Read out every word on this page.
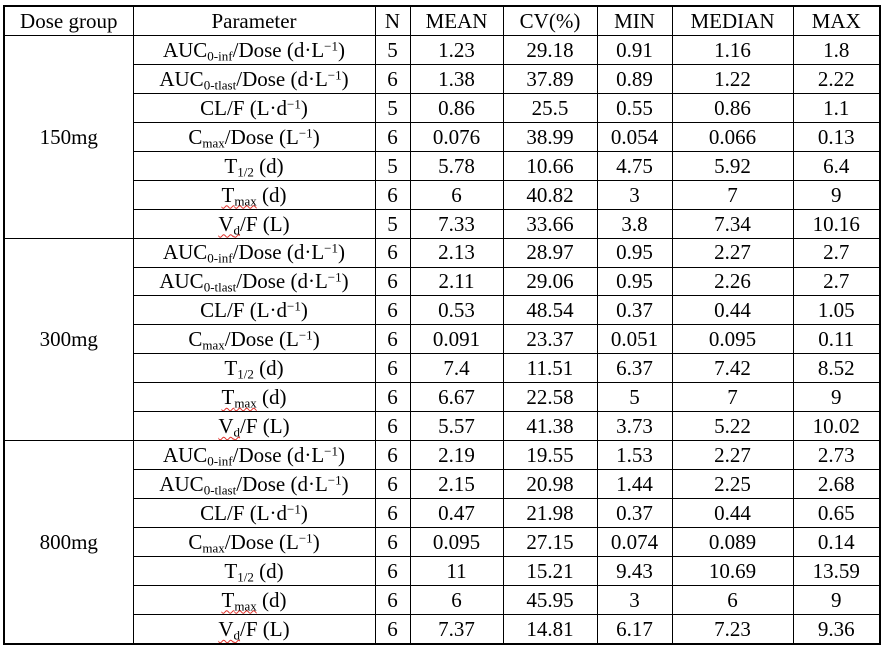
Dose group	Parameter	N	MEAN	CV(%)	MIN	MEDIAN	MAX
150mg	$AUC_{0-inf}$/Dose $(d\cdot L^{-1})$	5	1.23	29.18	0.91	1.16	1.8
	$AUC_{0-tlast}$/Dose $(d\cdot L^{-1})$	6	1.38	37.89	0.89	1.22	2.22
	CL/F $(L\cdot d^{-1})$	5	0.86	25.5	0.55	0.86	1.1
	$C_{max}$/Dose $(L^{-1})$	6	0.076	38.99	0.054	0.066	0.13
	$T_{1/2}$ (d)	5	5.78	10.66	4.75	5.92	6.4
	$T_{max}$ (d)	6	6	40.82	3	7	9
	$V_d/F$ (L)	5	7.33	33.66	3.8	7.34	10.16
300mg	$AUC_{0-inf}$/Dose $(d\cdot L^{-1})$	6	2.13	28.97	0.95	2.27	2.7
	$AUC_{0-tlast}$/Dose $(d\cdot L^{-1})$	6	2.11	29.06	0.95	2.26	2.7
	CL/F $(L\cdot d^{-1})$	6	0.53	48.54	0.37	0.44	1.05
	$C_{max}$/Dose $(L^{-1})$	6	0.091	23.37	0.051	0.095	0.11
	$T_{1/2}$ (d)	6	7.4	11.51	6.37	7.42	8.52
	$T_{max}$ (d)	6	6.67	22.58	5	7	9
	$V_d/F$ (L)	6	5.57	41.38	3.73	5.22	10.02
800mg	$AUC_{0-inf}$/Dose $(d\cdot L^{-1})$	6	2.19	19.55	1.53	2.27	2.73
	$AUC_{0-tlast}$/Dose $(d\cdot L^{-1})$	6	2.15	20.98	1.44	2.25	2.68
	CL/F $(L\cdot d^{-1})$	6	0.47	21.98	0.37	0.44	0.65
	$C_{max}$/Dose $(L^{-1})$	6	0.095	27.15	0.074	0.089	0.14
	$T_{1/2}$ (d)	6	11	15.21	9.43	10.69	13.59
	$T_{max}$ (d)	6	6	45.95	3	6	9
	$V_d/F$ (L)	6	7.37	14.81	6.17	7.23	9.36
